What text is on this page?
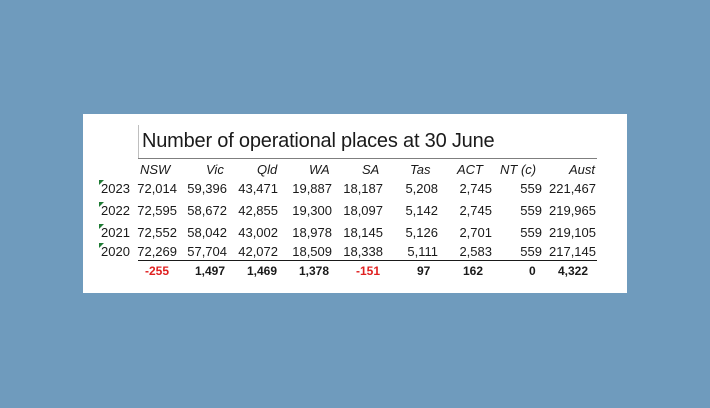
Number of operational places at 30 June
NSW	Vic	Qld WA SA Tas ACT NT (c)	Aust
2023 72,014 59,396 43,471	19,887 18,187	5,208	2,745	559 221,467
2022 72,595 58,672 42,855	19,300 18,097	5,142	2,745	559 219,965
2021 72,552 58,042 43,002	18,978 18,145	5,126	2,701	559 219,105
2020 72,269 57,704 42,072	18,509 18,338	5,111	2,583	559 217,145
-255 1,497 1,469 1,378 -151	97	162	0 4,322
